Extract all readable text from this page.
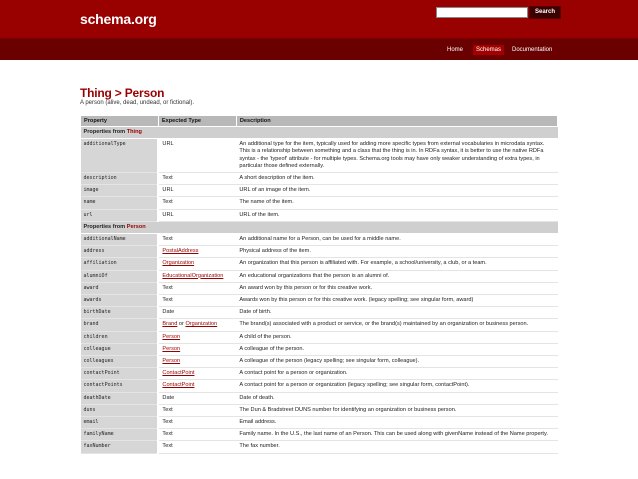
schema.org	Search
Home	Schemas	Documentation
Thing > Person
A person (alive, dead, undead, or fictional).
Property	Expected Type	Description
Properties from Thing		
additionalType	URL	An additional type for the item, typically used for adding more specific types from external vocabularies in microdata syntax. This is a relationship between something and a class that the thing is in. In RDFa syntax, it is better to use the native RDFa syntax - the 'typeof' attribute - for multiple types. Schema.org tools may have only weaker understanding of extra types, in particular those defined externally.
description	Text	A short description of the item.
image	URL	URL of an image of the item.
name	Text	The name of the item.
url	URL	URL of the item.
Properties from Person		
additionalName	Text	An additional name for a Person, can be used for a middle name.
address	PostalAddress	Physical address of the item.
affiliation	Organization	An organization that this person is affiliated with. For example, a school/university, a club, or a team.
alumniOf	EducationalOrganization	An educational organizations that the person is an alumni of.
award	Text	An award won by this person or for this creative work.
awards	Text	Awards won by this person or for this creative work. (legacy spelling; see singular form, award)
birthDate	Date	Date of birth.
brand	Brand or Organization	The brand(s) associated with a product or service, or the brand(s) maintained by an organization or business person.
children	Person	A child of the person.
colleague	Person	A colleague of the person.
colleagues	Person	A colleague of the person (legacy spelling; see singular form, colleague).
contactPoint	ContactPoint	A contact point for a person or organization.
contactPoints	ContactPoint	A contact point for a person or organization (legacy spelling; see singular form, contactPoint).
deathDate	Date	Date of death.
duns	Text	The Dun & Bradstreet DUNS number for identifying an organization or business person.
email	Text	Email address.
familyName	Text	Family name. In the U.S., the last name of an Person. This can be used along with givenName instead of the Name property.
faxNumber	Text	The fax number.
